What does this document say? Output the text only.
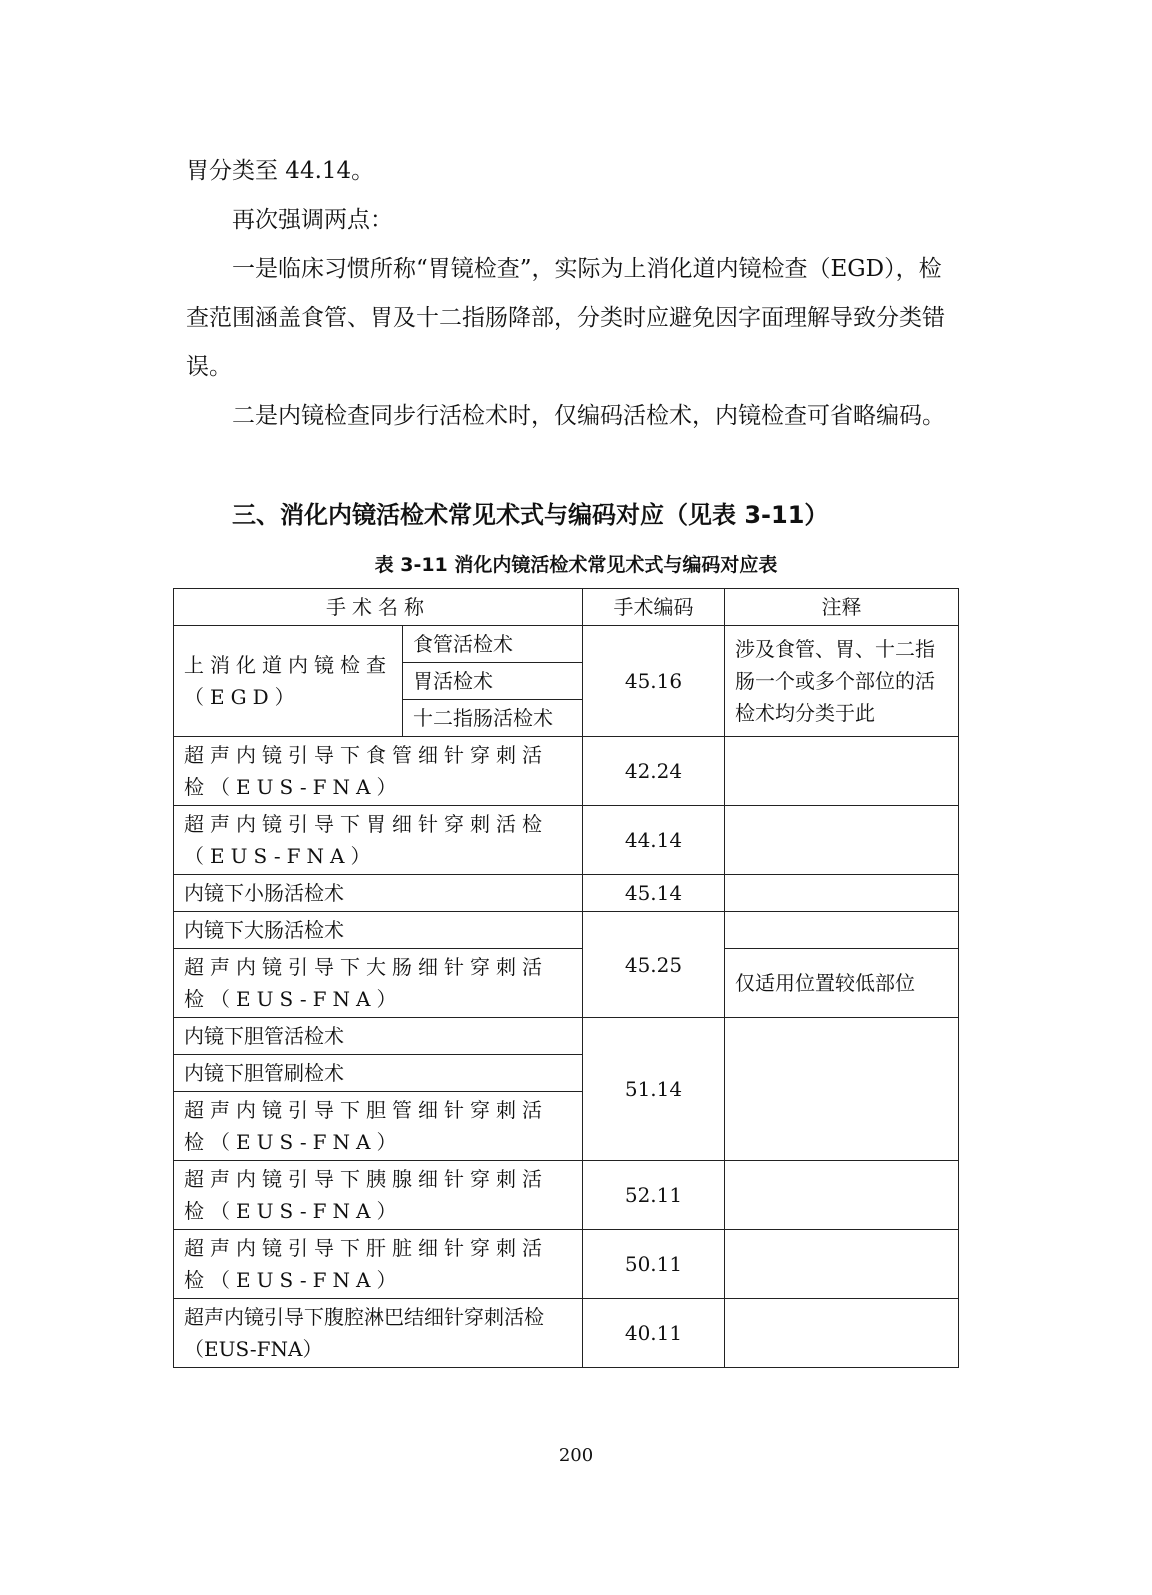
胃分类至 44.14。

再次强调两点：

一是临床习惯所称“胃镜检查”，实际为上消化道内镜检查（EGD），检查范围涵盖食管、胃及十二指肠降部，分类时应避免因字面理解导致分类错误。

二是内镜检查同步行活检术时，仅编码活检术，内镜检查可省略编码。

三、消化内镜活检术常见术式与编码对应（见表 3-11）
表 3-11 消化内镜活检术常见术式与编码对应表
手术名称		手术编码	注释
上消化道内镜检查（EGD）	食管活检术	45.16	涉及食管、胃、十二指肠一个或多个部位的活检术均分类于此
	胃活检术		
	十二指肠活检术		
超声内镜引导下食管细针穿刺活检（EUS-FNA）		42.24	
超声内镜引导下胃细针穿刺活检（EUS-FNA）		44.14	
内镜下小肠活检术		45.14	
内镜下大肠活检术		45.25	
超声内镜引导下大肠细针穿刺活检（EUS-FNA）			仅适用位置较低部位
内镜下胆管活检术		51.14	
内镜下胆管刷检术			
超声内镜引导下胆管细针穿刺活检（EUS-FNA）			
超声内镜引导下胰腺细针穿刺活检（EUS-FNA）		52.11	
超声内镜引导下肝脏细针穿刺活检（EUS-FNA）		50.11	
超声内镜引导下腹腔淋巴结细针穿刺活检（EUS-FNA）		40.11	
200
